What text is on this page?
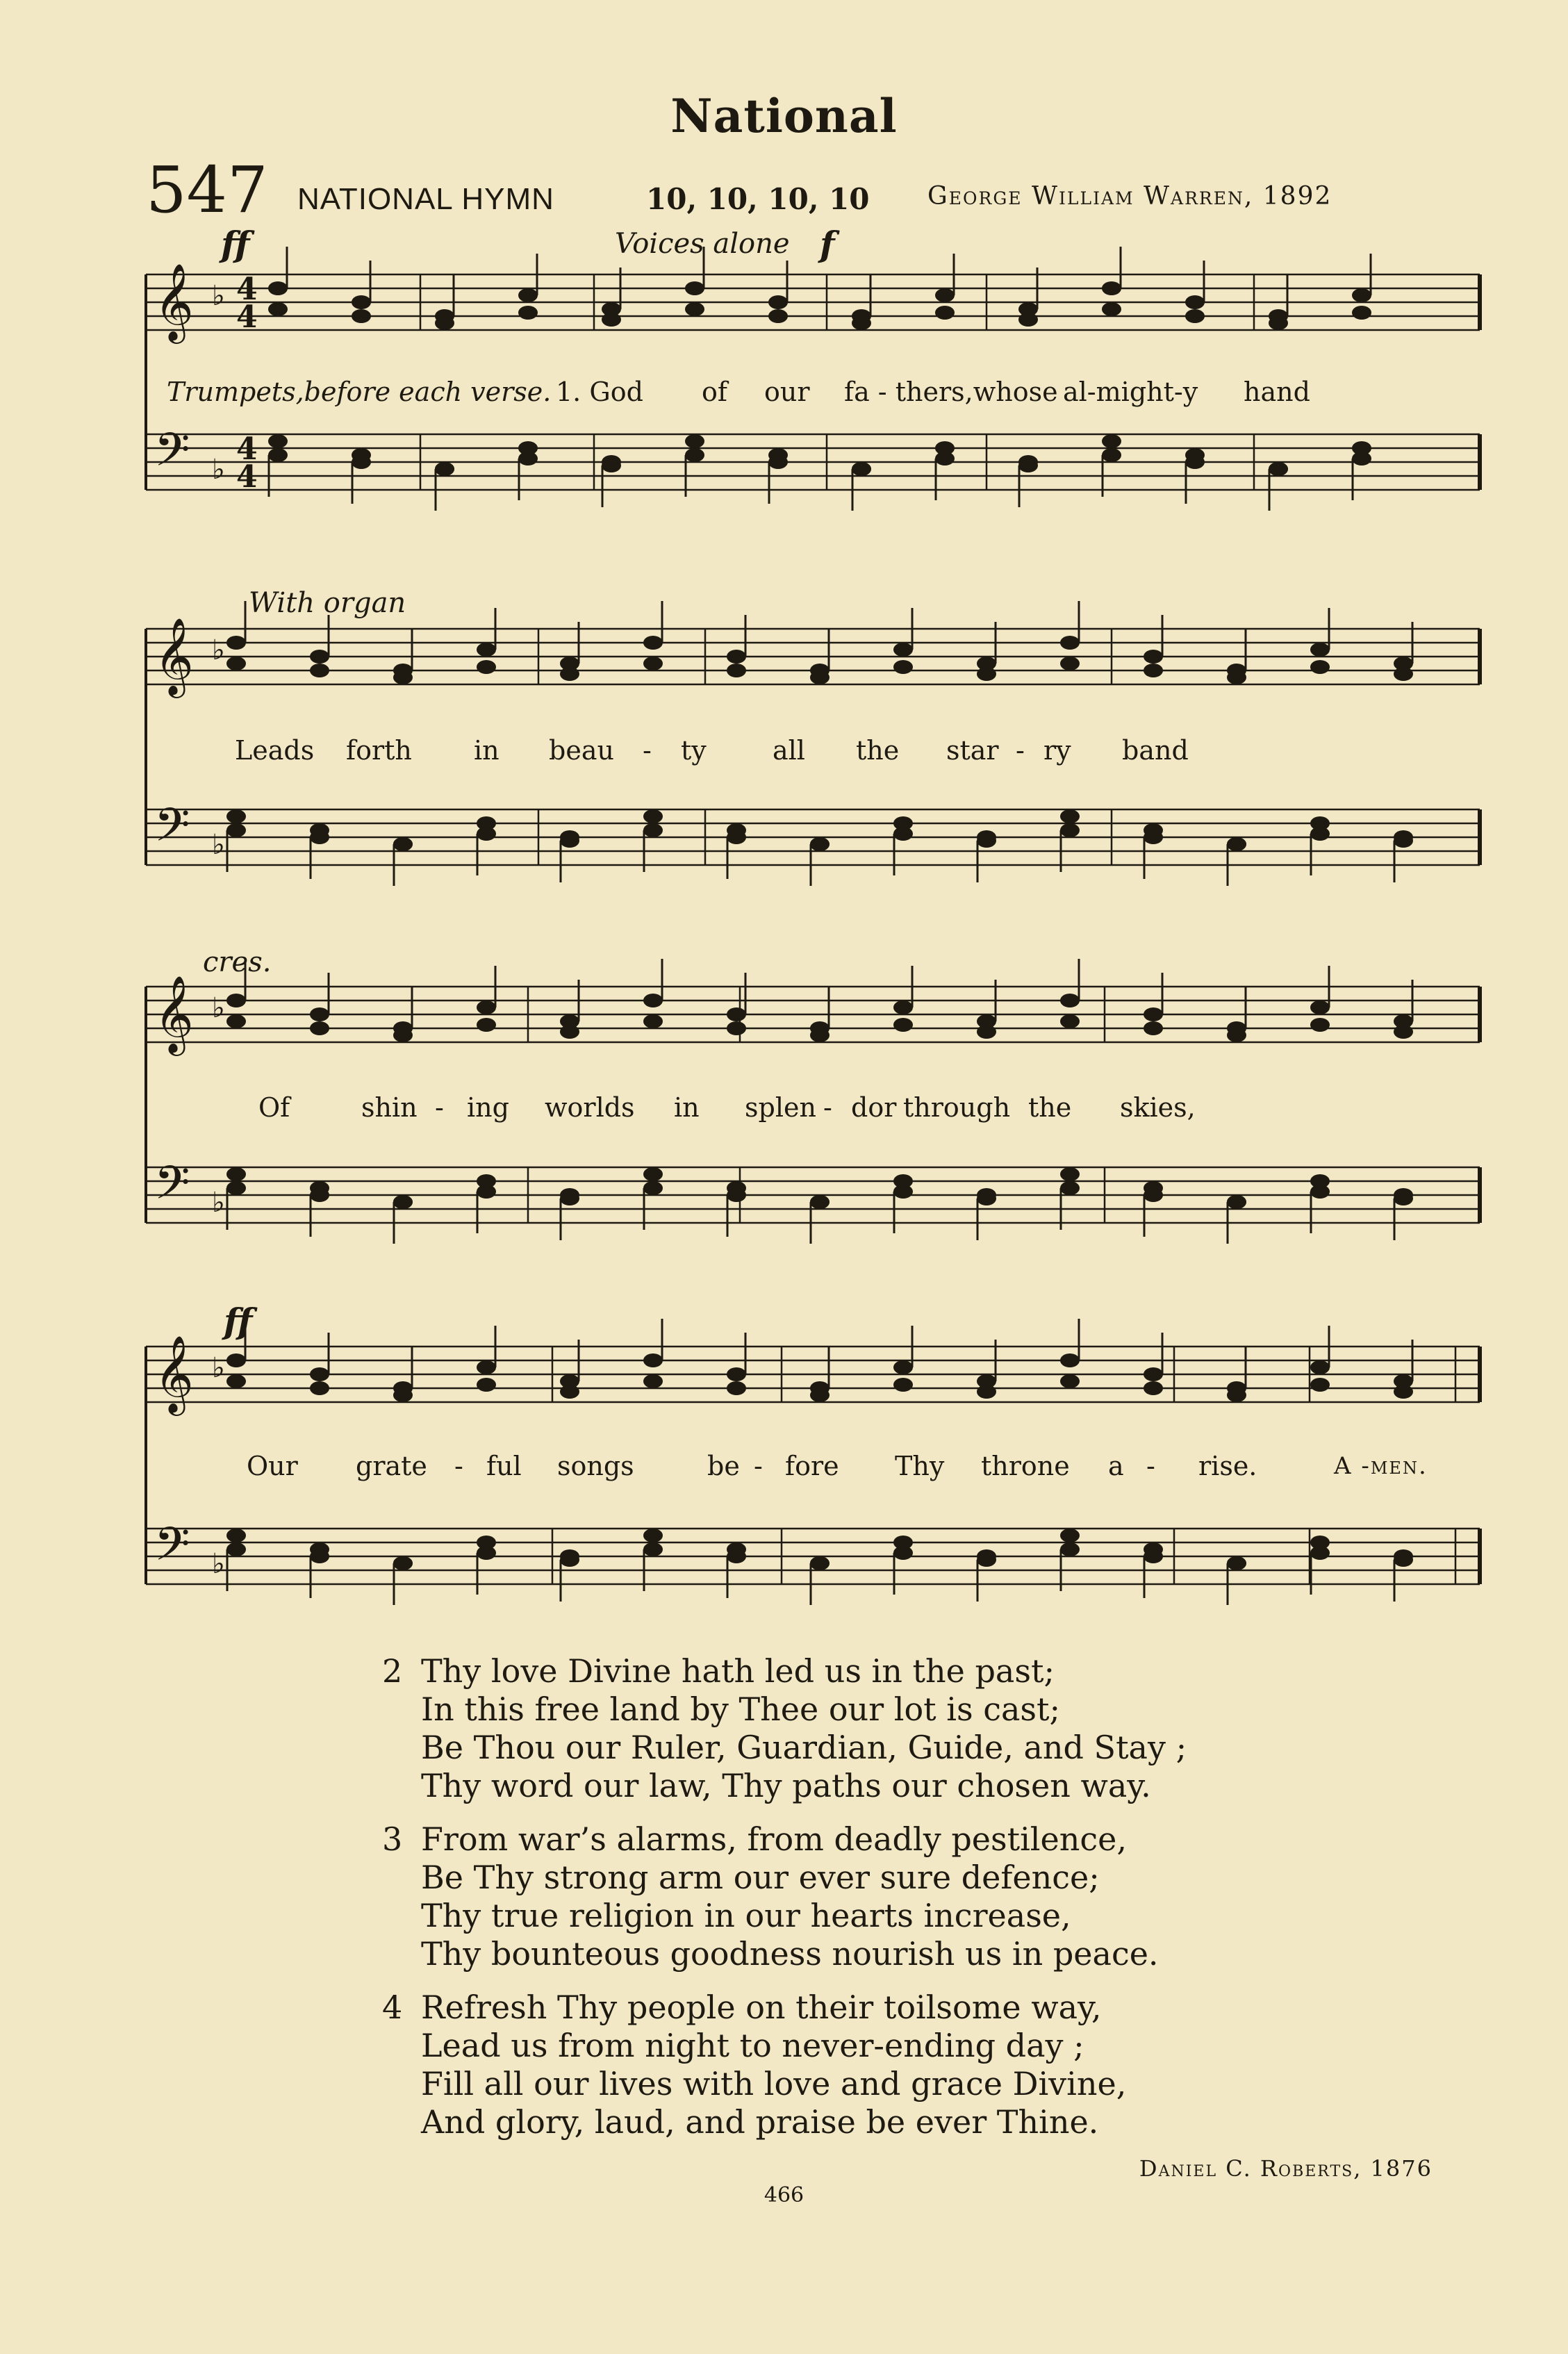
National
547 NATIONAL HYMN	10, 10, 10, 10 George William Warren, 1892
𝄞
𝄢
♭
♭
4
4
4
4
𝄞
𝄢
♭
♭
𝄞
𝄢
♭
♭
𝄞
𝄢
♭
♭
ff	Voices alone f
Trumpets,before each verse. 1. God of our fa - thers,whose al-might-y hand
With organ
Leads forth in beau - ty	all the star - ry band
cres.
Of	shin - ing worlds in splen - dor through the skies,
ff
Our grate - ful songs	be - fore Thy throne a - rise.	A -men.
2 Thy love Divine hath led us in the past;
In this free land by Thee our lot is cast;
Be Thou our Ruler, Guardian, Guide, and Stay ;
Thy word our law, Thy paths our chosen way.
3 From war’s alarms, from deadly pestilence,
Be Thy strong arm our ever sure defence;
Thy true religion in our hearts increase,
Thy bounteous goodness nourish us in peace.
4 Refresh Thy people on their toilsome way,
Lead us from night to never-ending day ;
Fill all our lives with love and grace Divine,
And glory, laud, and praise be ever Thine.
Daniel C. Roberts, 1876
466
